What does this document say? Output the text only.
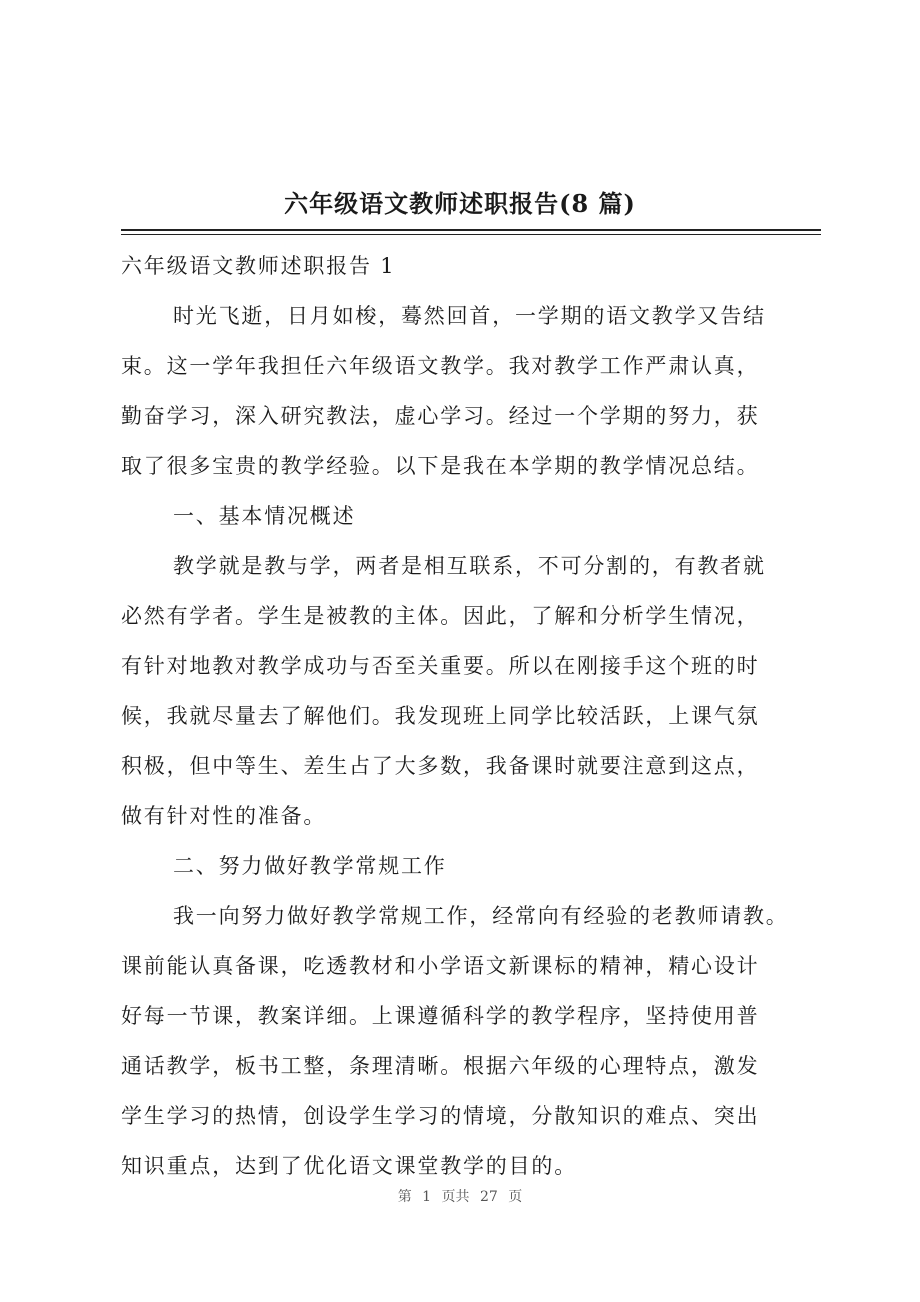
六年级语文教师述职报告(8 篇)
六年级语文教师述职报告 1
时光飞逝，日月如梭，蓦然回首，一学期的语文教学又告结
束。这一学年我担任六年级语文教学。我对教学工作严肃认真，
勤奋学习，深入研究教法，虚心学习。经过一个学期的努力，获
取了很多宝贵的教学经验。以下是我在本学期的教学情况总结。
一、基本情况概述
教学就是教与学，两者是相互联系，不可分割的，有教者就
必然有学者。学生是被教的主体。因此，了解和分析学生情况，
有针对地教对教学成功与否至关重要。所以在刚接手这个班的时
候，我就尽量去了解他们。我发现班上同学比较活跃，上课气氛
积极，但中等生、差生占了大多数，我备课时就要注意到这点，
做有针对性的准备。
二、努力做好教学常规工作
我一向努力做好教学常规工作，经常向有经验的老教师请教。
课前能认真备课，吃透教材和小学语文新课标的精神，精心设计
好每一节课，教案详细。上课遵循科学的教学程序，坚持使用普
通话教学，板书工整，条理清晰。根据六年级的心理特点，激发
学生学习的热情，创设学生学习的情境，分散知识的难点、突出
知识重点，达到了优化语文课堂教学的目的。
第 1 页共 27 页
